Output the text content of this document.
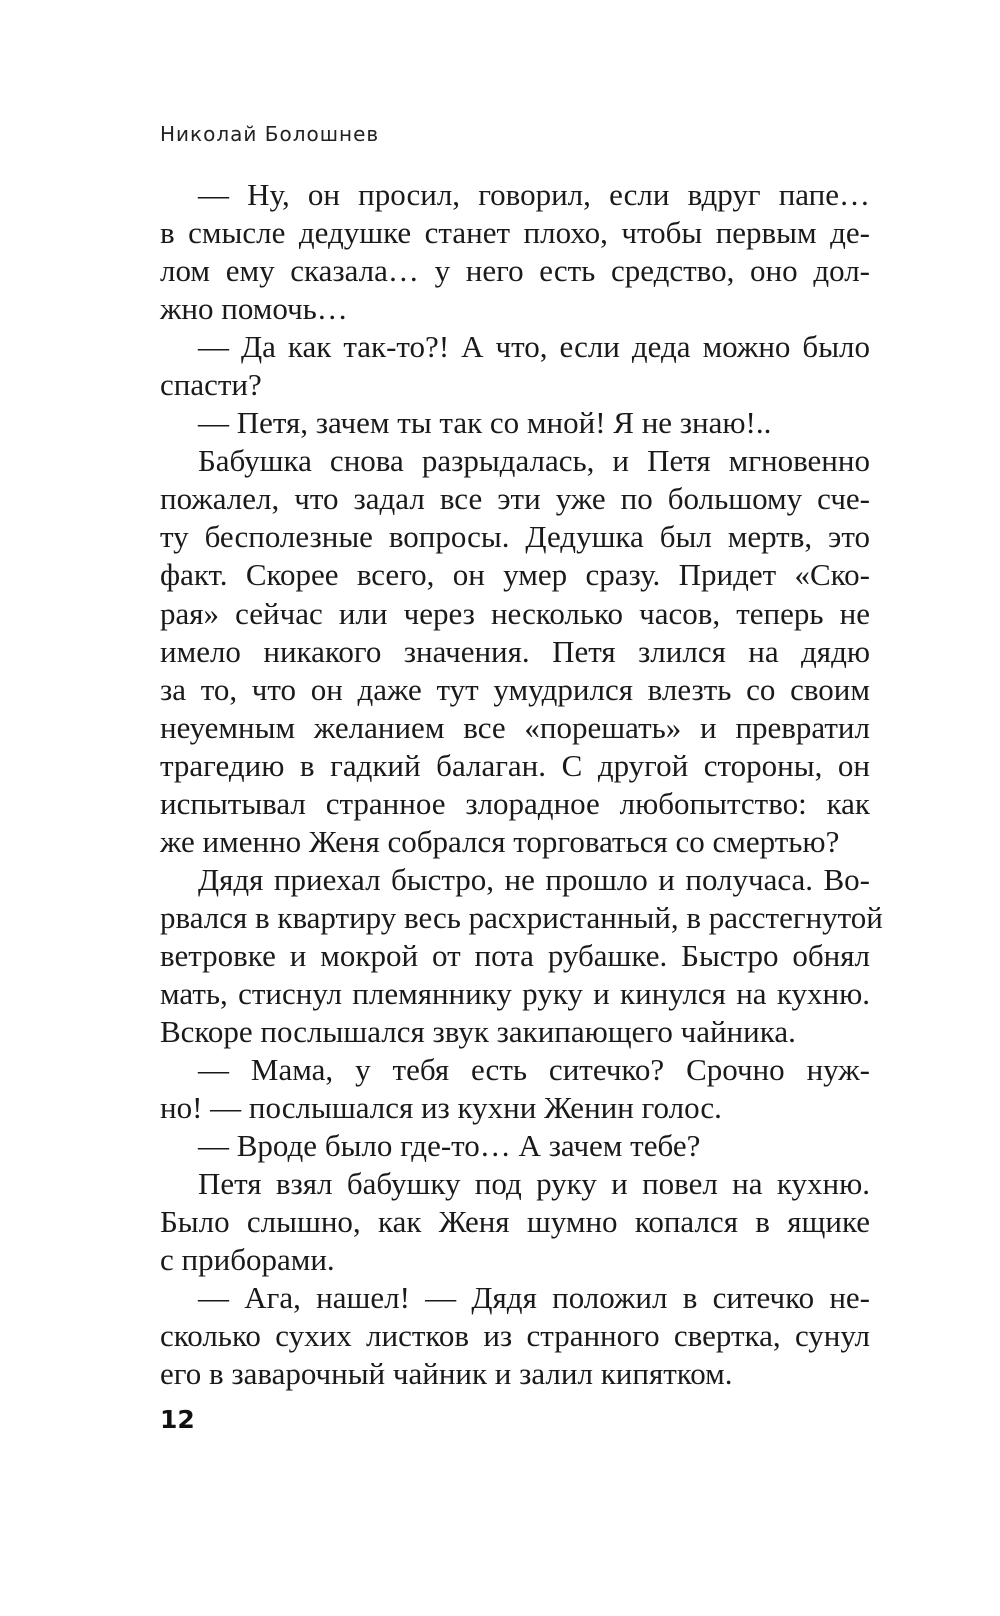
Николай Болошнев
— Ну, он просил, говорил, если вдруг папе…
в смысле дедушке станет плохо, чтобы первым де-
лом ему сказала… у него есть средство, оно дол-
жно помочь…
— Да как так-то?! А что, если деда можно было
спасти?
— Петя, зачем ты так со мной! Я не знаю!..
Бабушка снова разрыдалась, и Петя мгновенно
пожалел, что задал все эти уже по большому сче-
ту бесполезные вопросы. Дедушка был мертв, это
факт. Скорее всего, он умер сразу. Придет «Ско-
рая» сейчас или через несколько часов, теперь не
имело никакого значения. Петя злился на дядю
за то, что он даже тут умудрился влезть со своим
неуемным желанием все «порешать» и превратил
трагедию в гадкий балаган. С другой стороны, он
испытывал странное злорадное любопытство: как
же именно Женя собрался торговаться со смертью?
Дядя приехал быстро, не прошло и получаса. Во-
рвался в квартиру весь расхристанный, в расстегнутой
ветровке и мокрой от пота рубашке. Быстро обнял
мать, стиснул племяннику руку и кинулся на кухню.
Вскоре послышался звук закипающего чайника.
— Мама, у тебя есть ситечко? Срочно нуж-
но! — послышался из кухни Женин голос.
— Вроде было где-то… А зачем тебе?
Петя взял бабушку под руку и повел на кухню.
Было слышно, как Женя шумно копался в ящике
с приборами.
— Ага, нашел! — Дядя положил в ситечко не-
сколько сухих листков из странного свертка, сунул
его в заварочный чайник и залил кипятком.
12
